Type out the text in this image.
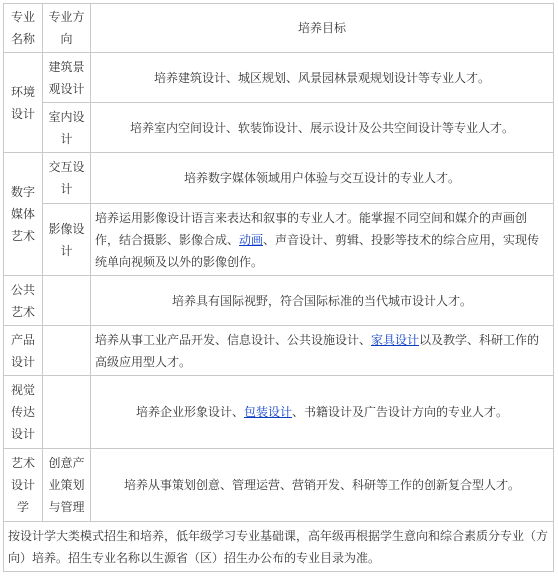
专业名称	专业方向	培养目标
环境设计	建筑景观设计	培养建筑设计、城区规划、风景园林景观规划设计等专业人才。
	室内设计	培养室内空间设计、软装饰设计、展示设计及公共空间设计等专业人才。
数字媒体艺术	交互设计	培养数字媒体领域用户体验与交互设计的专业人才。
	影像设计	培养运用影像设计语言来表达和叙事的专业人才。能掌握不同空间和媒介的声画创作，结合摄影、影像合成、动画、声音设计、剪辑、投影等技术的综合应用，实现传统单向视频及以外的影像创作。
公共艺术		培养具有国际视野，符合国际标准的当代城市设计人才。
产品设计		培养从事工业产品开发、信息设计、公共设施设计、家具设计以及教学、科研工作的高级应用型人才。
视觉传达设计		培养企业形象设计、包装设计、书籍设计及广告设计方向的专业人才。
艺术设计学	创意产业策划与管理	培养从事策划创意、管理运营、营销开发、科研等工作的创新复合型人才。
按设计学大类模式招生和培养，低年级学习专业基础课，高年级再根据学生意向和综合素质分专业（方向）培养。招生专业名称以生源省（区）招生办公布的专业目录为准。		
